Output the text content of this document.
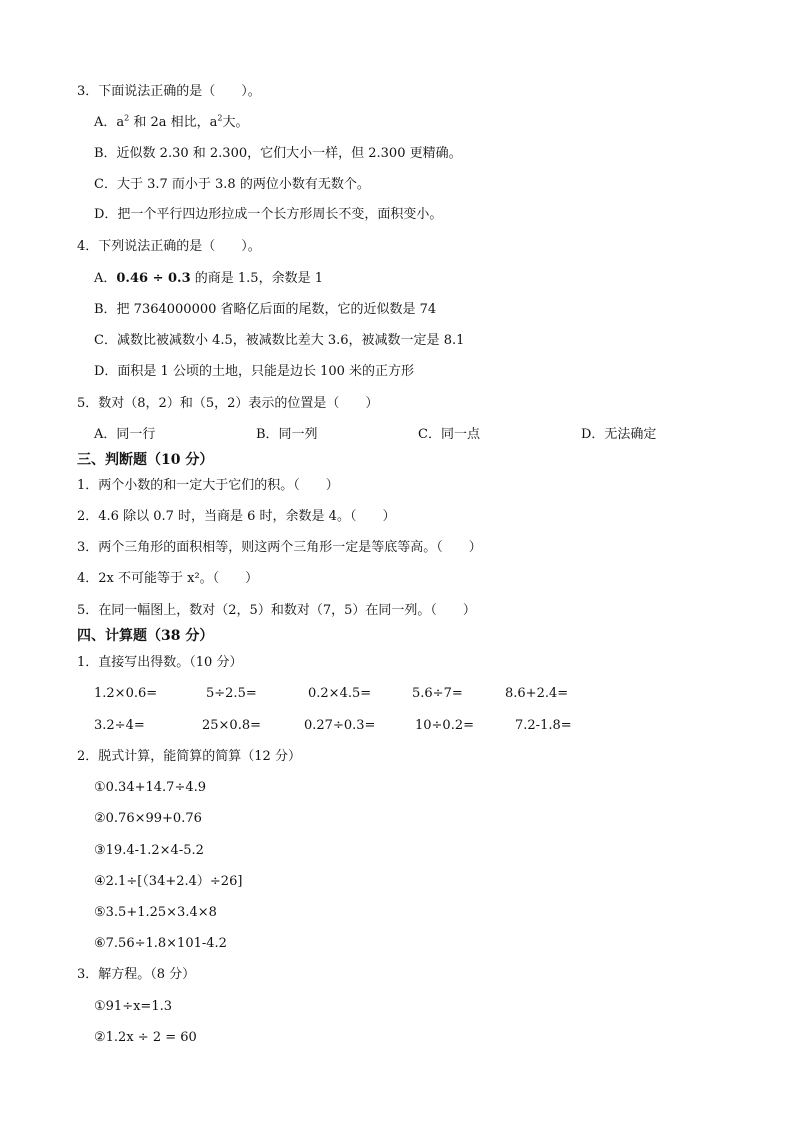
3．下面说法正确的是（　　）。
A．$a^2$ 和 2a 相比，$a^2$大。
B．近似数 2.30 和 2.300，它们大小一样，但 2.300 更精确。
C．大于 3.7 而小于 3.8 的两位小数有无数个。
D．把一个平行四边形拉成一个长方形周长不变，面积变小。
4．下列说法正确的是（　　）。
A．0.46 ÷ 0.3 的商是 1.5，余数是 1
B．把 7364000000 省略亿后面的尾数，它的近似数是 74
C．减数比被减数小 4.5，被减数比差大 3.6，被减数一定是 8.1
D．面积是 1 公顷的土地，只能是边长 100 米的正方形
5．数对（8，2）和（5，2）表示的位置是（　　）
A．同一行	B．同一列	C．同一点	D．无法确定
三、判断题（10 分）
1．两个小数的和一定大于它们的积。（　　）
2．4.6 除以 0.7 时，当商是 6 时，余数是 4。（　　）
3．两个三角形的面积相等，则这两个三角形一定是等底等高。（　　）
4．2x 不可能等于 x²。（　　）
5．在同一幅图上，数对（2，5）和数对（7，5）在同一列。（　　）
四、计算题（38 分）
1．直接写出得数。（10 分）
1.2×0.6=	5÷2.5=	0.2×4.5=	5.6÷7=	8.6+2.4=
3.2÷4=	25×0.8=	0.27÷0.3=	10÷0.2=	7.2-1.8=
2．脱式计算，能简算的简算（12 分）
①0.34+14.7÷4.9
②0.76×99+0.76
③19.4-1.2×4-5.2
④2.1÷[（34+2.4）÷26]
⑤3.5+1.25×3.4×8
⑥7.56÷1.8×101-4.2
3．解方程。（8 分）
①91÷x=1.3
②1.2x ÷ 2 = 60
